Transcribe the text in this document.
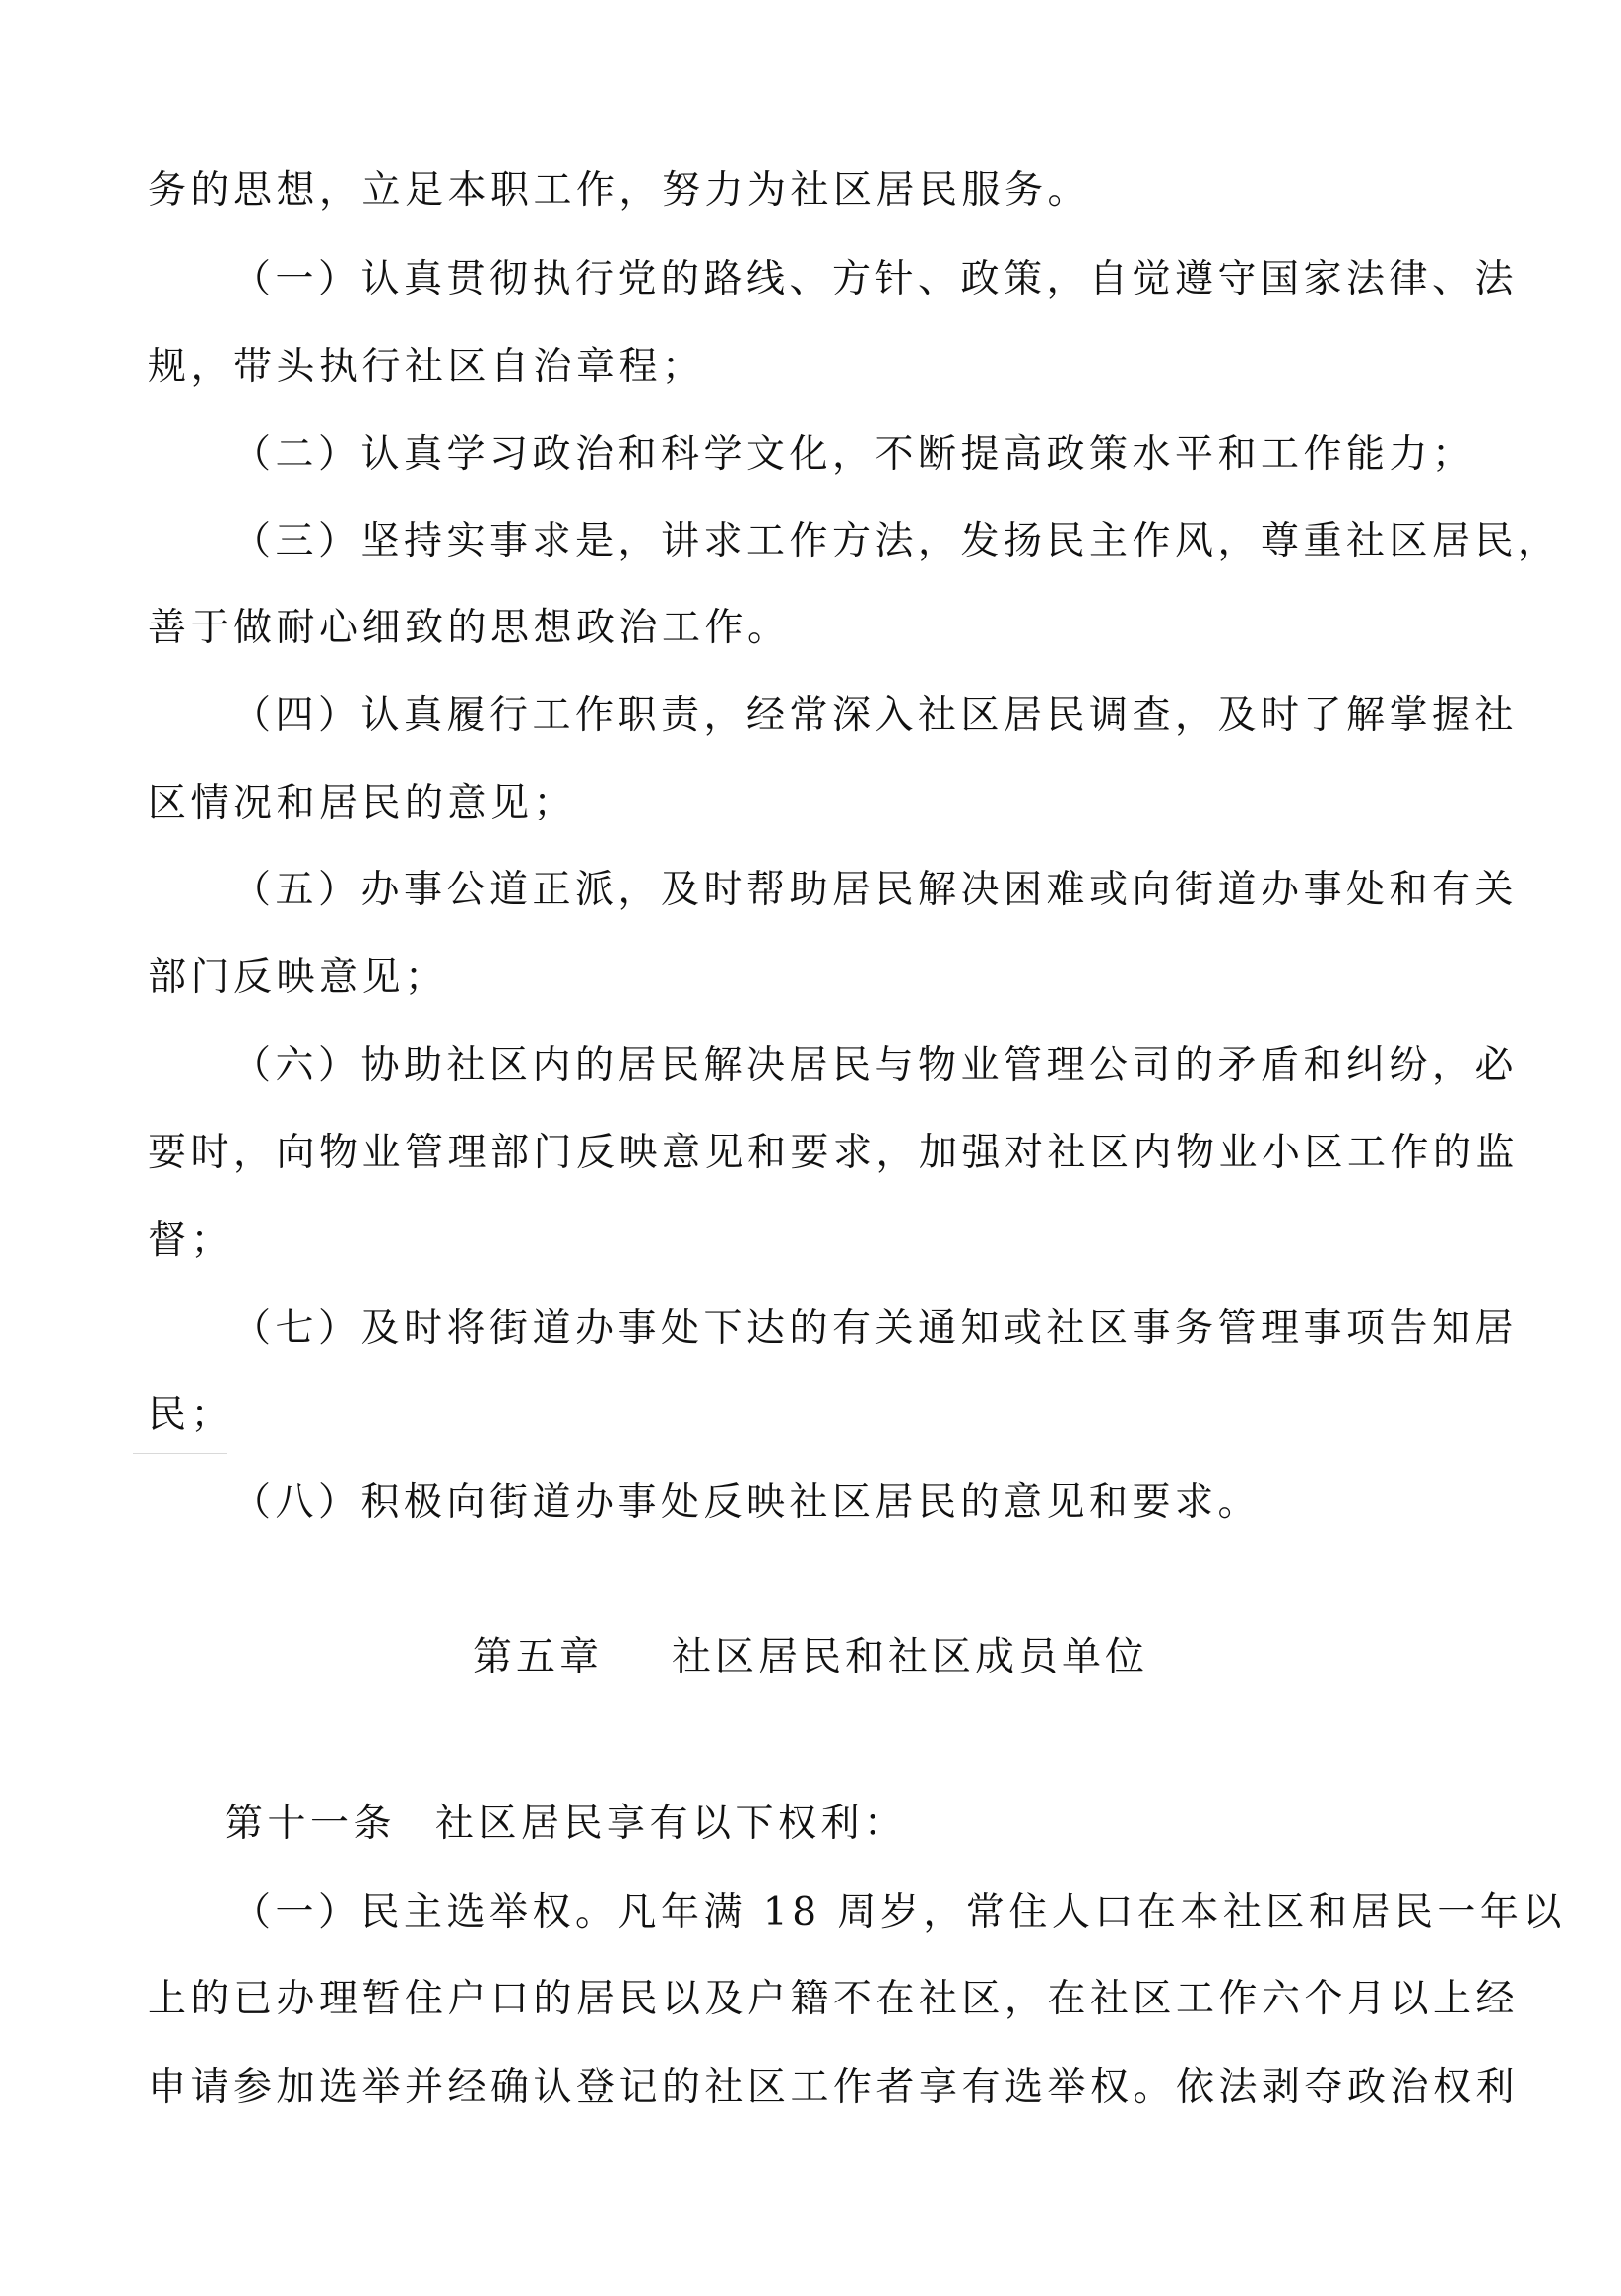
务的思想，立足本职工作，努力为社区居民服务。
（一）认真贯彻执行党的路线、方针、政策，自觉遵守国家法律、法
规，带头执行社区自治章程；
（二）认真学习政治和科学文化，不断提高政策水平和工作能力；
（三）坚持实事求是，讲求工作方法，发扬民主作风，尊重社区居民，
善于做耐心细致的思想政治工作。
（四）认真履行工作职责，经常深入社区居民调查，及时了解掌握社
区情况和居民的意见；
（五）办事公道正派，及时帮助居民解决困难或向街道办事处和有关
部门反映意见；
（六）协助社区内的居民解决居民与物业管理公司的矛盾和纠纷，必
要时，向物业管理部门反映意见和要求，加强对社区内物业小区工作的监
督；
（七）及时将街道办事处下达的有关通知或社区事务管理事项告知居
民；
（八）积极向街道办事处反映社区居民的意见和要求。
第五章 社区居民和社区成员单位
第十一条 社区居民享有以下权利：
（一）民主选举权。凡年满 18 周岁，常住人口在本社区和居民一年以
上的已办理暂住户口的居民以及户籍不在社区，在社区工作六个月以上经
申请参加选举并经确认登记的社区工作者享有选举权。依法剥夺政治权利
